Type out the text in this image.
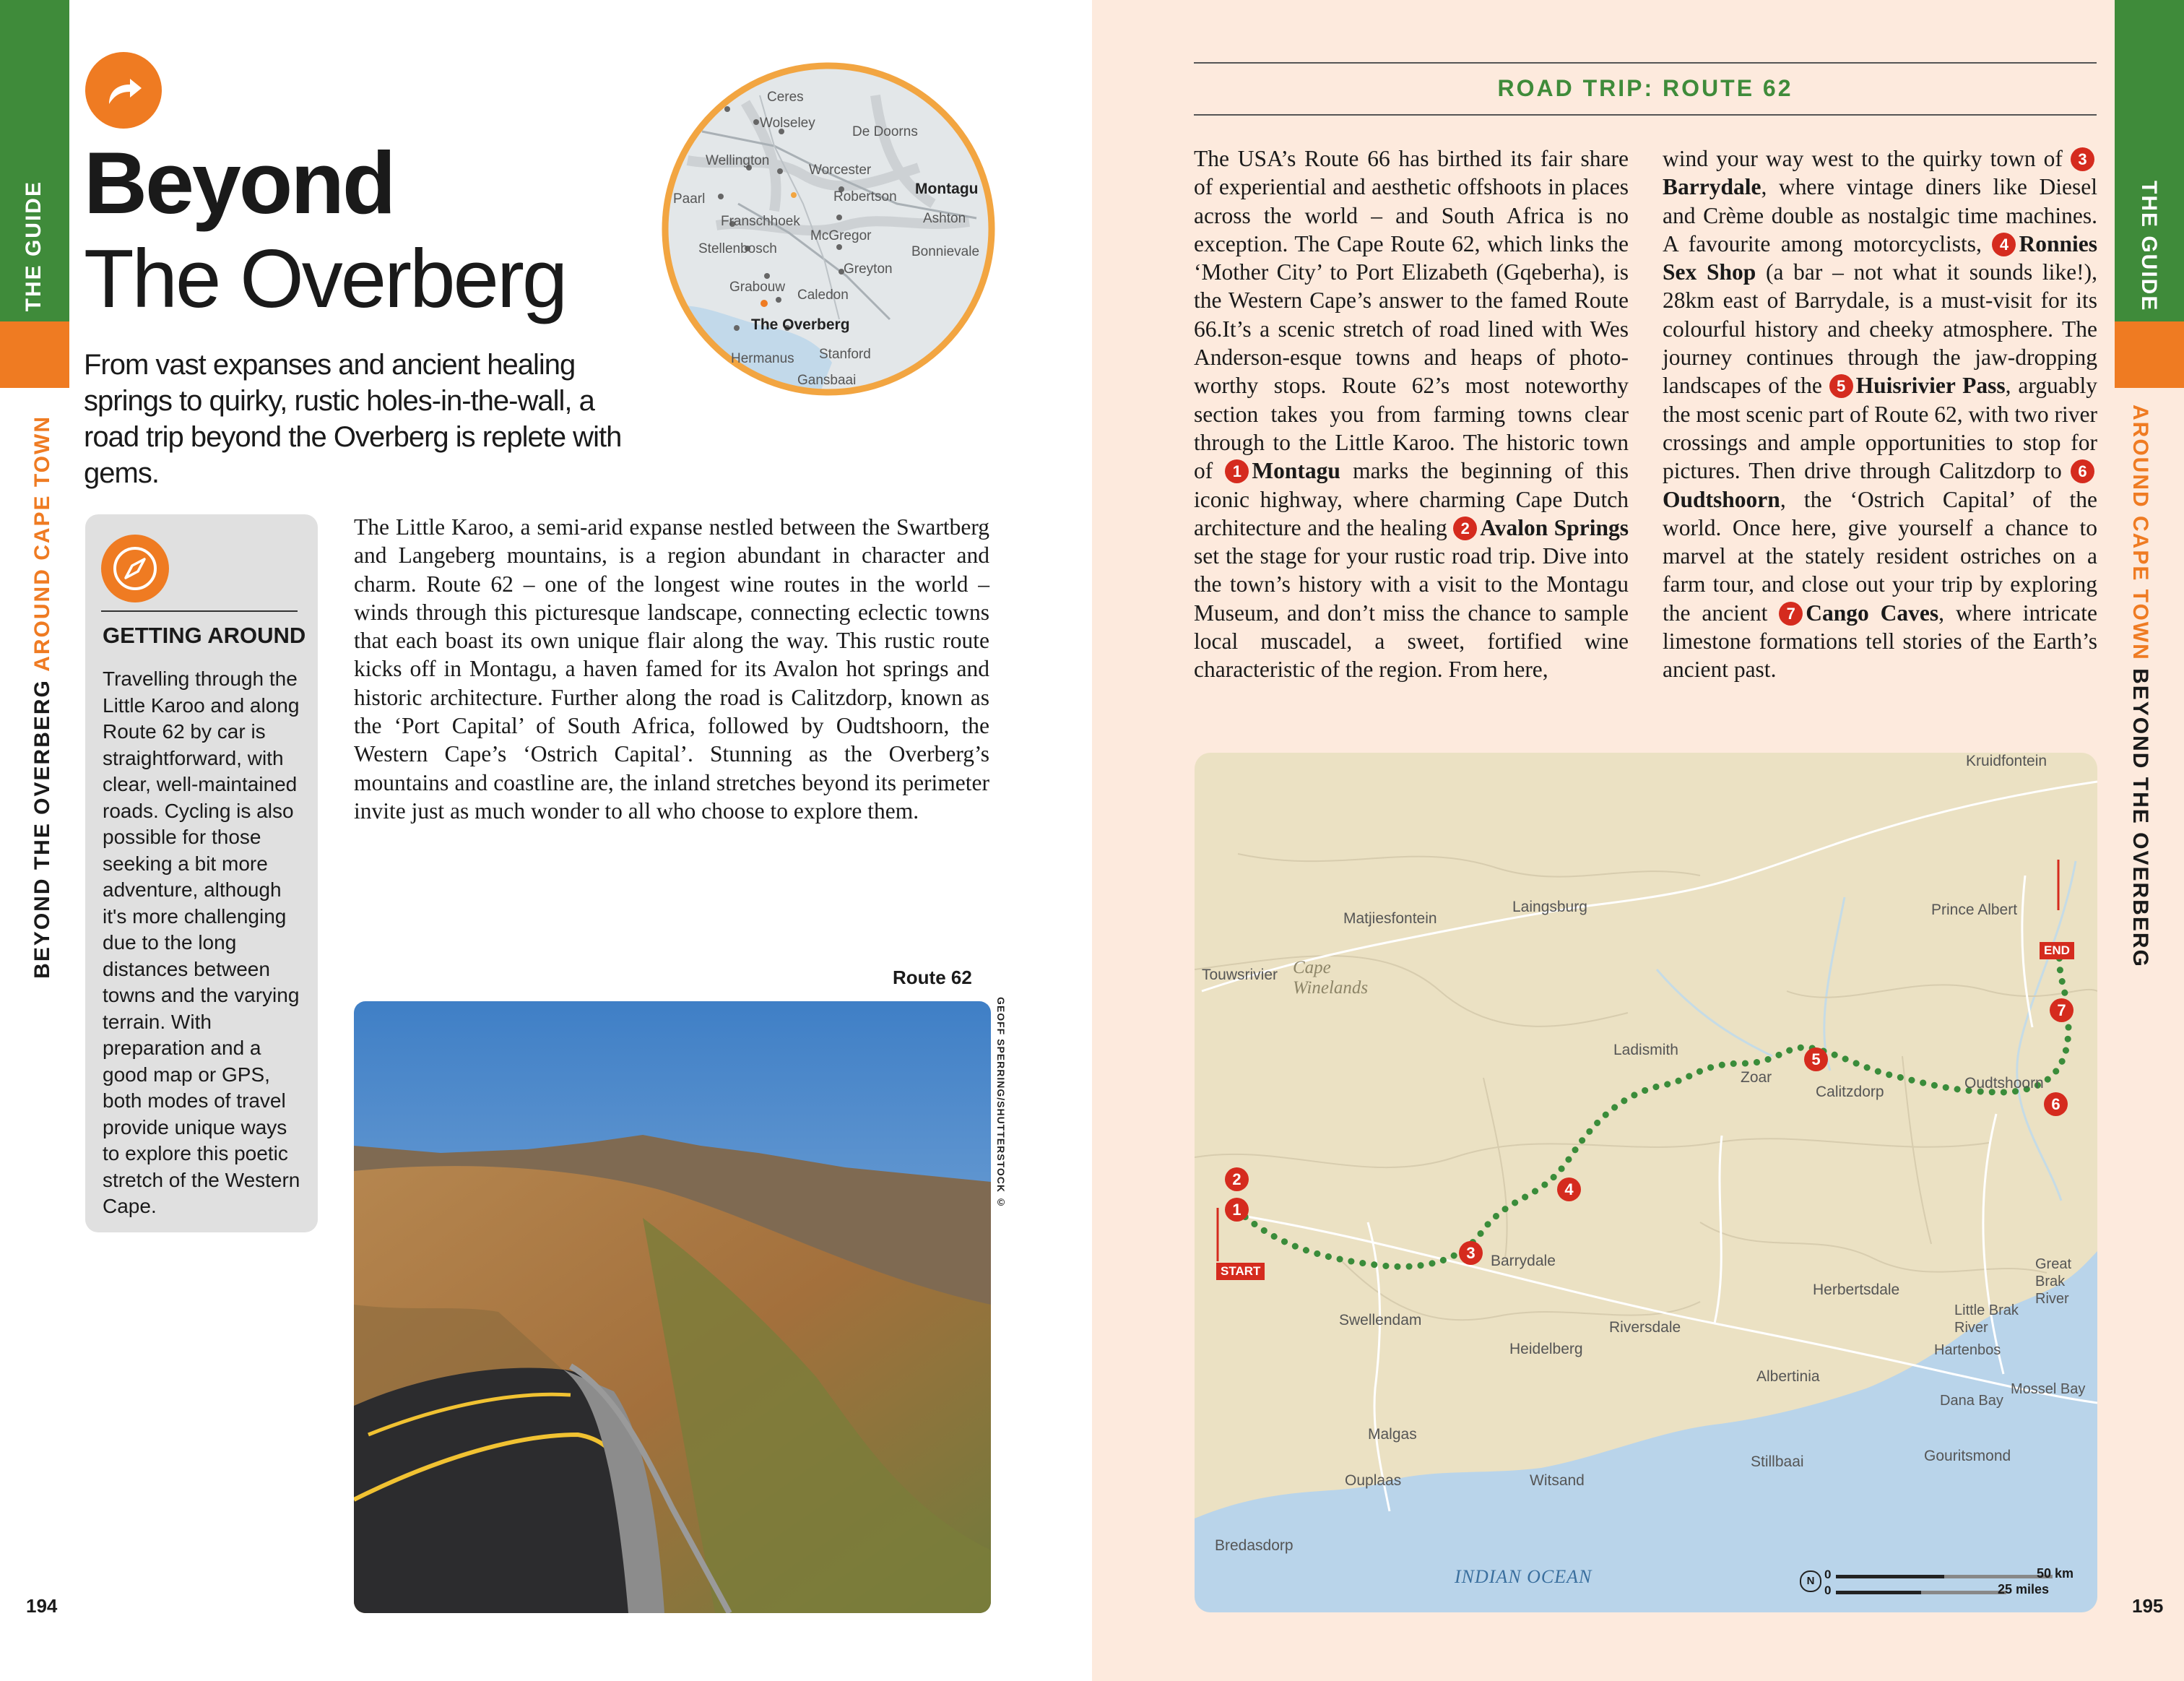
THE GUIDE
BEYOND THE OVERBERG AROUND CAPE TOWN
194
Beyond
The Overberg
From vast expanses and ancient healing springs to quirky, rustic holes-in-the-wall, a road trip beyond the Overberg is replete with gems.
Ceres
Wolseley
De Doorns
Wellington
Worcester
Paarl	Robertson Montagu
Franschhoek
McGregor
Ashton
Stellenbosch	Bonnievale
Greyton
Grabouw
Caledon
The Overberg
Hermanus Stanford
Gansbaai
GETTING AROUND
Travelling through the Little Karoo and along Route 62 by car is straightforward, with clear, well-maintained roads. Cycling is also possible for those seeking a bit more adventure, although it's more challenging due to the long distances between towns and the varying terrain. With preparation and a good map or GPS, both modes of travel provide unique ways to explore this poetic stretch of the Western Cape.
The Little Karoo, a semi-arid expanse nestled between the Swartberg and Langeberg mountains, is a region abundant in character and charm. Route 62 – one of the longest wine routes in the world – winds through this picturesque landscape, connecting eclectic towns that each boast its own unique flair along the way. This rustic route kicks off in Montagu, a haven famed for its Avalon hot springs and historic architecture. Further along the road is Calitzdorp, known as the ‘Port Capital’ of South Africa, followed by Oudtshoorn, the Western Cape’s ‘Ostrich Capital’. Stunning as the Overberg’s mountains and coastline are, the inland stretches beyond its perimeter invite just as much wonder to all who choose to explore them.
Route 62
GEOFF SPERRING/SHUTTERSTOCK ©
THE GUIDE
AROUND CAPE TOWN BEYOND THE OVERBERG
195
ROAD TRIP: ROUTE 62
The USA’s Route 66 has birthed its fair share of experiential and aesthetic offshoots in places across the world – and South Africa is no exception. The Cape Route 62, which links the ‘Mother City’ to Port Elizabeth (Gqeberha), is the Western Cape’s answer to the famed Route 66.It’s a scenic stretch of road lined with Wes Anderson-esque towns and heaps of photo-worthy stops. Route 62’s most noteworthy section takes you from farming towns clear through to the Little Karoo. The historic town of 1 Montagu marks the beginning of this iconic highway, where charming Cape Dutch architecture and the healing 2 Avalon Springs set the stage for your rustic road trip. Dive into the town’s history with a visit to the Montagu Museum, and don’t miss the chance to sample local muscadel, a sweet, fortified wine characteristic of the region. From here,
wind your way west to the quirky town of 3Barrydale, where vintage diners like Diesel and Crème double as nostalgic time machines. A favourite among motorcyclists, 4 Ronnies Sex Shop (a bar – not what it sounds like!), 28km east of Barrydale, is a must-visit for its colourful history and cheeky atmosphere. The journey continues through the jaw-dropping landscapes of the 5 Huisrivier Pass, arguably the most scenic part of Route 62, with two river crossings and ample opportunities to stop for pictures. Then drive through Calitzdorp to 6Oudtshoorn, the ‘Ostrich Capital’ of the world. Once here, give yourself a chance to marvel at the stately resident ostriches on a farm tour, and close out your trip by exploring the ancient 7 Cango Caves, where intricate limestone formations tell stories of the Earth’s ancient past.
Kruidfontein
Laingsburg
Matjiesfontein
Prince Albert
Touwsrivier
Ladismith
Zoar
Calitzdorp
Oudtshoorn
Barrydale
Swellendam
Heidelberg
Riversdale
Herbertsdale
Great Brak River
Little Brak River
Hartenbos
Albertinia
Mossel Bay
Dana Bay
Malgas
Ouplaas	Witsand
Stillbaai	Gouritsmond
Bredasdorp
Cape Winelands
INDIAN OCEAN
1
2
3
4
5
6
7
START
END
N 0
0
50 km
25 miles
